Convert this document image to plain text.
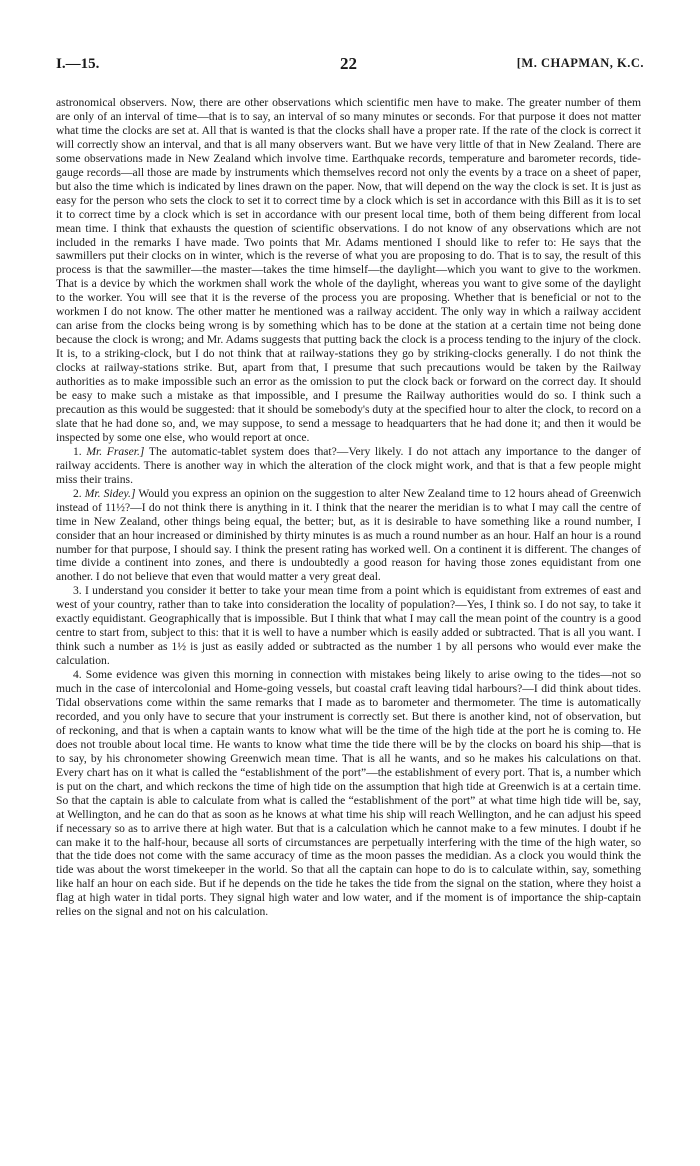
I.—15.	22	[M. CHAPMAN, K.C.

astronomical observers. Now, there are other observations which scientific men have to make. The greater number of them are only of an interval of time—that is to say, an interval of so many minutes or seconds. For that purpose it does not matter what time the clocks are set at. All that is wanted is that the clocks shall have a proper rate. If the rate of the clock is correct it will correctly show an interval, and that is all many observers want. But we have very little of that in New Zealand. There are some observations made in New Zealand which involve time. Earthquake records, temperature and barometer records, tide-gauge records—all those are made by instruments which themselves record not only the events by a trace on a sheet of paper, but also the time which is indicated by lines drawn on the paper. Now, that will depend on the way the clock is set. It is just as easy for the person who sets the clock to set it to correct time by a clock which is set in accordance with this Bill as it is to set it to correct time by a clock which is set in accordance with our present local time, both of them being different from local mean time. I think that exhausts the question of scientific observations. I do not know of any observations which are not included in the remarks I have made. Two points that Mr. Adams mentioned I should like to refer to: He says that the sawmillers put their clocks on in winter, which is the reverse of what you are proposing to do. That is to say, the result of this process is that the sawmiller—the master—takes the time himself—the daylight—which you want to give to the workmen. That is a device by which the workmen shall work the whole of the daylight, whereas you want to give some of the daylight to the worker. You will see that it is the reverse of the process you are proposing. Whether that is beneficial or not to the workmen I do not know. The other matter he mentioned was a railway accident. The only way in which a railway accident can arise from the clocks being wrong is by something which has to be done at the station at a certain time not being done because the clock is wrong; and Mr. Adams suggests that putting back the clock is a process tending to the injury of the clock. It is, to a striking-clock, but I do not think that at railway-stations they go by striking-clocks generally. I do not think the clocks at railway-stations strike. But, apart from that, I presume that such precautions would be taken by the Railway authorities as to make impossible such an error as the omission to put the clock back or forward on the correct day. It should be easy to make such a mistake as that impossible, and I presume the Railway authorities would do so. I think such a precaution as this would be suggested: that it should be somebody's duty at the specified hour to alter the clock, to record on a slate that he had done so, and, we may suppose, to send a message to headquarters that he had done it; and then it would be inspected by some one else, who would report at once.

1. Mr. Fraser.] The automatic-tablet system does that?—Very likely. I do not attach any importance to the danger of railway accidents. There is another way in which the alteration of the clock might work, and that is that a few people might miss their trains.

2. Mr. Sidey.] Would you express an opinion on the suggestion to alter New Zealand time to 12 hours ahead of Greenwich instead of 11½?—I do not think there is anything in it. I think that the nearer the meridian is to what I may call the centre of time in New Zealand, other things being equal, the better; but, as it is desirable to have something like a round number, I consider that an hour increased or diminished by thirty minutes is as much a round number as an hour. Half an hour is a round number for that purpose, I should say. I think the present rating has worked well. On a continent it is different. The changes of time divide a continent into zones, and there is undoubtedly a good reason for having those zones equidistant from one another. I do not believe that even that would matter a very great deal.

3. I understand you consider it better to take your mean time from a point which is equidistant from extremes of east and west of your country, rather than to take into consideration the locality of population?—Yes, I think so. I do not say, to take it exactly equidistant. Geographically that is impossible. But I think that what I may call the mean point of the country is a good centre to start from, subject to this: that it is well to have a number which is easily added or subtracted. That is all you want. I think such a number as 1½ is just as easily added or subtracted as the number 1 by all persons who would ever make the calculation.

4. Some evidence was given this morning in connection with mistakes being likely to arise owing to the tides—not so much in the case of intercolonial and Home-going vessels, but coastal craft leaving tidal harbours?—I did think about tides. Tidal observations come within the same remarks that I made as to barometer and thermometer. The time is automatically recorded, and you only have to secure that your instrument is correctly set. But there is another kind, not of observation, but of reckoning, and that is when a captain wants to know what will be the time of the high tide at the port he is coming to. He does not trouble about local time. He wants to know what time the tide there will be by the clocks on board his ship—that is to say, by his chronometer showing Greenwich mean time. That is all he wants, and so he makes his calculations on that. Every chart has on it what is called the “establishment of the port”—the establishment of every port. That is, a number which is put on the chart, and which reckons the time of high tide on the assumption that high tide at Greenwich is at a certain time. So that the captain is able to calculate from what is called the “establishment of the port” at what time high tide will be, say, at Wellington, and he can do that as soon as he knows at what time his ship will reach Wellington, and he can adjust his speed if necessary so as to arrive there at high water. But that is a calculation which he cannot make to a few minutes. I doubt if he can make it to the half-hour, because all sorts of circumstances are perpetually interfering with the time of the high water, so that the tide does not come with the same accuracy of time as the moon passes the medidian. As a clock you would think the tide was about the worst timekeeper in the world. So that all the captain can hope to do is to calculate within, say, something like half an hour on each side. But if he depends on the tide he takes the tide from the signal on the station, where they hoist a flag at high water in tidal ports. They signal high water and low water, and if the moment is of importance the ship-captain relies on the signal and not on his calculation.
